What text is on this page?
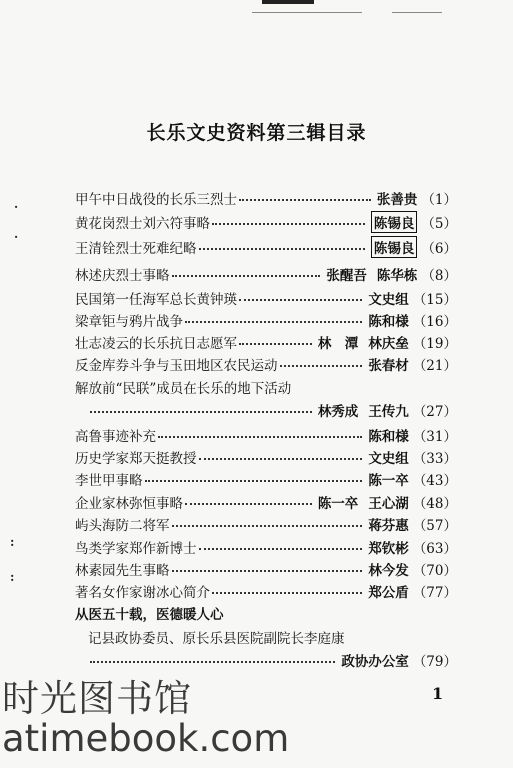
·
·
:
:
长乐文史资料第三辑目录
甲午中日战役的长乐三烈士	张善贵 （1）
黄花岗烈士刘六符事略	陈锡良 （5）
王清铨烈士死难纪略	陈锡良 （6）
林述庆烈士事略	张醒吾 陈华栋 （8）
民国第一任海军总长黄钟瑛	文史组 （15）
梁章钜与鸦片战争	陈和様 （16）
壮志凌云的长乐抗日志愿军	林　潭 林庆垒 （19）
反金库券斗争与玉田地区农民运动	张春材 （21）
解放前“民联”成员在长乐的地下活动
林秀成 王传九 （27）
高鲁事迹补充	陈和様 （31）
历史学家郑天挺教授	文史组 （33）
李世甲事略	陈一卒 （43）
企业家林弥恒事略	陈一卒 王心湖 （48）
屿头海防二将军	蒋芬惠 （57）
鸟类学家郑作新博士	郑钦彬 （63）
林素园先生事略	林今发 （70）
著名女作家谢冰心简介	郑公盾 （77）
从医五十载，医德暖人心
记县政协委员、原长乐县医院副院长李庭康
政协办公室 （79）
1
时光图书馆
atimebook.com
